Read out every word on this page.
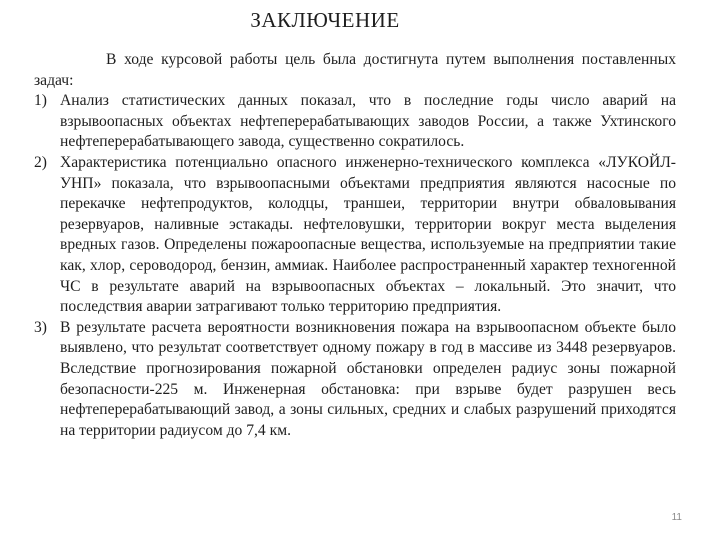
ЗАКЛЮЧЕНИЕ

В ходе курсовой работы цель была достигнута путем выполнения поставленных задач:

1) Анализ статистических данных показал, что в последние годы число аварий на взрывоопасных объектах нефтеперерабатывающих заводов России, а также Ухтинского нефтеперерабатывающего завода, существенно сократилось.
2) Характеристика потенциально опасного инженерно-технического комплекса «ЛУКОЙЛ-УНП» показала, что взрывоопасными объектами предприятия являются насосные по перекачке нефтепродуктов, колодцы, траншеи, территории внутри обваловывания резервуаров, наливные эстакады. нефтеловушки, территории вокруг места выделения вредных газов. Определены пожароопасные вещества, используемые на предприятии такие как, хлор, сероводород, бензин, аммиак. Наиболее распространенный характер техногенной ЧС в результате аварий на взрывоопасных объектах – локальный. Это значит, что последствия аварии затрагивают только территорию предприятия.
3) В результате расчета вероятности возникновения пожара на взрывоопасном объекте было выявлено, что результат соответствует одному пожару в год в массиве из 3448 резервуаров. Вследствие прогнозирования пожарной обстановки определен радиус зоны пожарной безопасности-225 м. Инженерная обстановка: при взрыве будет разрушен весь нефтеперерабатывающий завод, а зоны сильных, средних и слабых разрушений приходятся на территории радиусом до 7,4 км.
11
